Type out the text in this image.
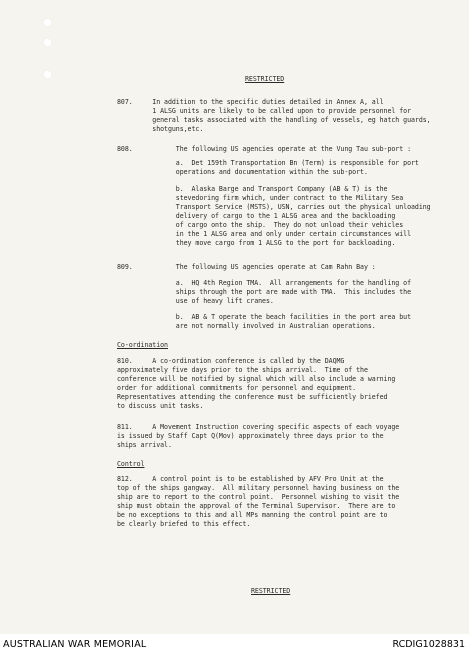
RESTRICTED
807.     In addition to the specific duties detailed in Annex A, all
1 ALSG units are likely to be called upon to provide personnel for
general tasks associated with the handling of vessels, eg hatch guards,
shotguns,etc.
808.           The following US agencies operate at the Vung Tau sub-port :
a.  Det 159th Transportation Bn (Term) is responsible for port
operations and documentation within the sub-port.
b.  Alaska Barge and Transport Company (AB & T) is the
stevedoring firm which, under contract to the Military Sea
Transport Service (MSTS), USN, carries out the physical unloading
delivery of cargo to the 1 ALSG area and the backloading
of cargo onto the ship.  They do not unload their vehicles
in the 1 ALSG area and only under certain circumstances will
they move cargo from 1 ALSG to the port for backloading.
809.           The following US agencies operate at Cam Rahn Bay :
a.  HQ 4th Region TMA.  All arrangements for the handling of
ships through the port are made with TMA.  This includes the
use of heavy lift cranes.
b.  AB & T operate the beach facilities in the port area but
are not normally involved in Australian operations.
Co-ordination
810.     A co-ordination conference is called by the DAQMG
approximately five days prior to the ships arrival.  Time of the
conference will be notified by signal which will also include a warning
order for additional commitments for personnel and equipment.
Representatives attending the conference must be sufficiently briefed
to discuss unit tasks.
811.     A Movement Instruction covering specific aspects of each voyage
is issued by Staff Capt Q(Mov) approximately three days prior to the
ships arrival.
Control
812.     A control point is to be established by AFV Pro Unit at the
top of the ships gangway.  All military personnel having business on the
ship are to report to the control point.  Personnel wishing to visit the
ship must obtain the approval of the Terminal Supervisor.  There are to
be no exceptions to this and all MPs manning the control point are to
be clearly briefed to this effect.
RESTRICTED
AUSTRALIAN WAR MEMORIAL	RCDIG1028831
